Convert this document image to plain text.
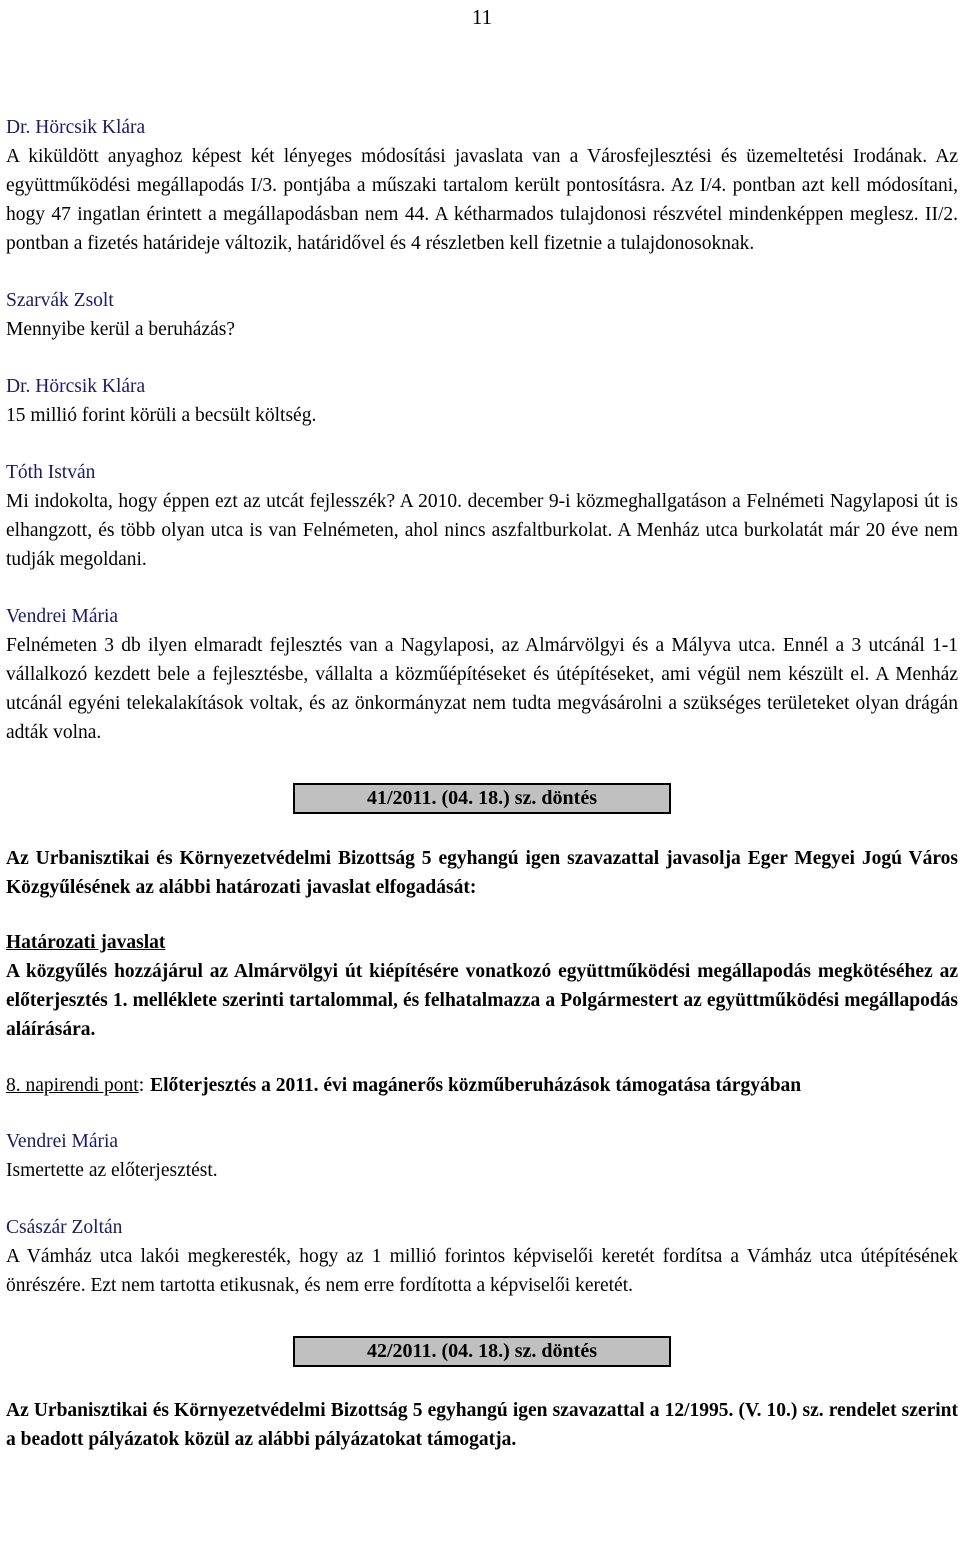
11
Dr. Hörcsik Klára
A kiküldött anyaghoz képest két lényeges módosítási javaslata van a Városfejlesztési és üzemeltetési Irodának. Az együttműködési megállapodás I/3. pontjába a műszaki tartalom került pontosításra. Az I/4. pontban azt kell módosítani, hogy 47 ingatlan érintett a megállapodásban nem 44. A kétharmados tulajdonosi részvétel mindenképpen meglesz. II/2. pontban a fizetés határideje változik, határidővel és 4 részletben kell fizetnie a tulajdonosoknak.
Szarvák Zsolt
Mennyibe kerül a beruházás?
Dr. Hörcsik Klára
15 millió forint körüli a becsült költség.
Tóth István
Mi indokolta, hogy éppen ezt az utcát fejlesszék? A 2010. december 9-i közmeghallgatáson a Felnémeti Nagylaposi út is elhangzott, és több olyan utca is van Felnémeten, ahol nincs aszfaltburkolat. A Menház utca burkolatát már 20 éve nem tudják megoldani.
Vendrei Mária
Felnémeten 3 db ilyen elmaradt fejlesztés van a Nagylaposi, az Almárvölgyi és a Mályva utca. Ennél a 3 utcánál 1-1 vállalkozó kezdett bele a fejlesztésbe, vállalta a közműépítéseket és útépítéseket, ami végül nem készült el. A Menház utcánál egyéni telekalakítások voltak, és az önkormányzat nem tudta megvásárolni a szükséges területeket olyan drágán adták volna.
41/2011. (04. 18.) sz. döntés
Az Urbanisztikai és Környezetvédelmi Bizottság 5 egyhangú igen szavazattal javasolja Eger Megyei Jogú Város Közgyűlésének az alábbi határozati javaslat elfogadását:
Határozati javaslat
A közgyűlés hozzájárul az Almárvölgyi út kiépítésére vonatkozó együttműködési megállapodás megkötéséhez az előterjesztés 1. melléklete szerinti tartalommal, és felhatalmazza a Polgármestert az együttműködési megállapodás aláírására.
8. napirendi pont: Előterjesztés a 2011. évi magánerős közműberuházások támogatása tárgyában
Vendrei Mária
Ismertette az előterjesztést.
Császár Zoltán
A Vámház utca lakói megkeresték, hogy az 1 millió forintos képviselői keretét fordítsa a Vámház utca útépítésének önrészére. Ezt nem tartotta etikusnak, és nem erre fordította a képviselői keretét.
42/2011. (04. 18.) sz. döntés
Az Urbanisztikai és Környezetvédelmi Bizottság 5 egyhangú igen szavazattal a 12/1995. (V. 10.) sz. rendelet szerint a beadott pályázatok közül az alábbi pályázatokat támogatja.
